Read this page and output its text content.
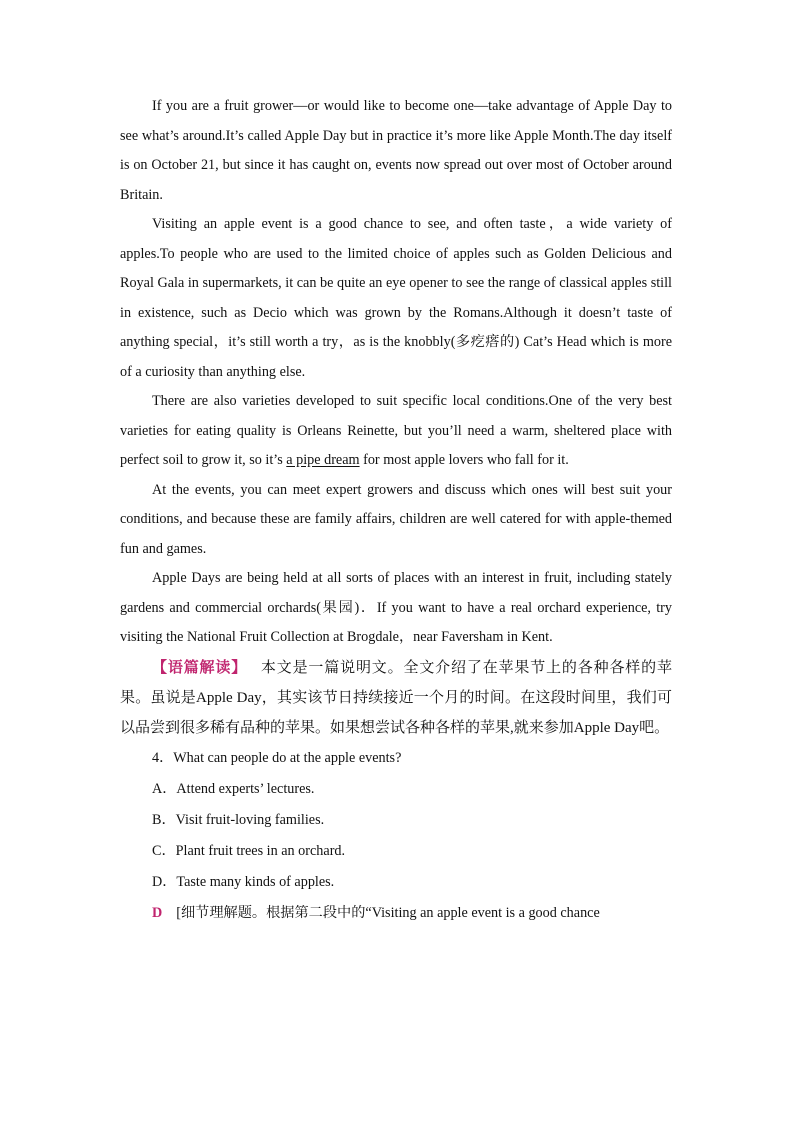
If you are a fruit grower—or would like to become one—take advantage of Apple Day to see what’s around.It’s called Apple Day but in practice it’s more like Apple Month.The day itself is on October 21, but since it has caught on, events now spread out over most of October around Britain.

Visiting an apple event is a good chance to see, and often taste，a wide variety of apples.To people who are used to the limited choice of apples such as Golden Delicious and Royal Gala in supermarkets, it can be quite an eye opener to see the range of classical apples still in existence, such as Decio which was grown by the Romans.Although it doesn’t taste of anything special，it’s still worth a try，as is the knobbly(多疙瘩的) Cat’s Head which is more of a curiosity than anything else.

There are also varieties developed to suit specific local conditions.One of the very best varieties for eating quality is Orleans Reinette, but you’ll need a warm, sheltered place with perfect soil to grow it, so it’s a pipe dream for most apple lovers who fall for it.

At the events, you can meet expert growers and discuss which ones will best suit your conditions, and because these are family affairs, children are well catered for with apple-themed fun and games.

Apple Days are being held at all sorts of places with an interest in fruit, including stately gardens and commercial orchards(果园)．If you want to have a real orchard experience, try visiting the National Fruit Collection at Brogdale，near Faversham in Kent.

【语篇解读】 本文是一篇说明文。全文介绍了在苹果节上的各种各样的苹果。虽说是Apple Day，其实该节日持续接近一个月的时间。在这段时间里，我们可以品尝到很多稀有品种的苹果。如果想尝试各种各样的苹果,就来参加Apple Day吧。

4．What can people do at the apple events?

A．Attend experts’ lectures.

B．Visit fruit-loving families.

C．Plant fruit trees in an orchard.

D．Taste many kinds of apples.

D [细节理解题。根据第二段中的“Visiting an apple event is a good chance
